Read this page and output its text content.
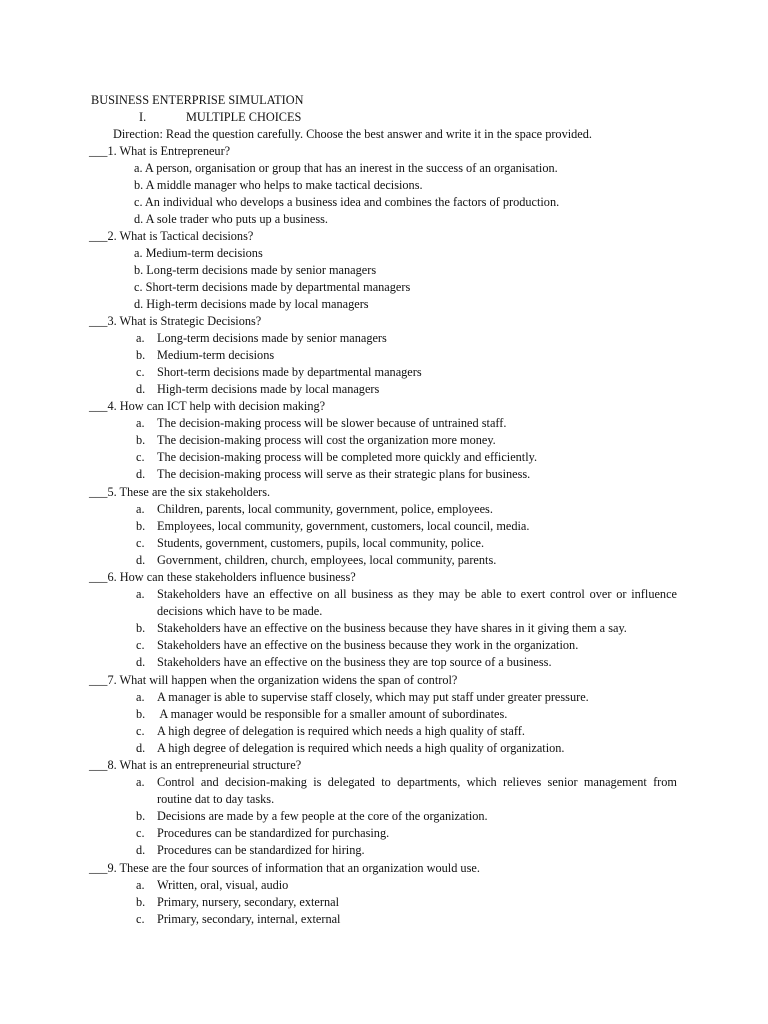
BUSINESS ENTERPRISE SIMULATION
I.	MULTIPLE CHOICES
Direction: Read the question carefully. Choose the best answer and write it in the space provided.
___1. What is Entrepreneur?
a. A person, organisation or group that has an inerest in the success of an organisation.
b. A middle manager who helps to make tactical decisions.
c. An individual who develops a business idea and combines the factors of production.
d. A sole trader who puts up a business.
___2. What is Tactical decisions?
a. Medium-term decisions
b. Long-term decisions made by senior managers
c. Short-term decisions made by departmental managers
d. High-term decisions made by local managers
___3. What is Strategic Decisions?
a. Long-term decisions made by senior managers
b. Medium-term decisions
c. Short-term decisions made by departmental managers
d. High-term decisions made by local managers
___4. How can ICT help with decision making?
a. The decision-making process will be slower because of untrained staff.
b. The decision-making process will cost the organization more money.
c. The decision-making process will be completed more quickly and efficiently.
d. The decision-making process will serve as their strategic plans for business.
___5. These are the six stakeholders.
a. Children, parents, local community, government, police, employees.
b. Employees, local community, government, customers, local council, media.
c. Students, government, customers, pupils, local community, police.
d. Government, children, church, employees, local community, parents.
___6. How can these stakeholders influence business?
a. Stakeholders have an effective on all business as they may be able to exert control over or influence
decisions which have to be made.
b. Stakeholders have an effective on the business because they have shares in it giving them a say.
c. Stakeholders have an effective on the business because they work in the organization.
d. Stakeholders have an effective on the business they are top source of a business.
___7. What will happen when the organization widens the span of control?
a. A manager is able to supervise staff closely, which may put staff under greater pressure.
b. A manager would be responsible for a smaller amount of subordinates.
c. A high degree of delegation is required which needs a high quality of staff.
d. A high degree of delegation is required which needs a high quality of organization.
___8. What is an entrepreneurial structure?
a. Control and decision-making is delegated to departments, which relieves senior management from
routine dat to day tasks.
b. Decisions are made by a few people at the core of the organization.
c. Procedures can be standardized for purchasing.
d. Procedures can be standardized for hiring.
___9. These are the four sources of information that an organization would use.
a. Written, oral, visual, audio
b. Primary, nursery, secondary, external
c. Primary, secondary, internal, external
